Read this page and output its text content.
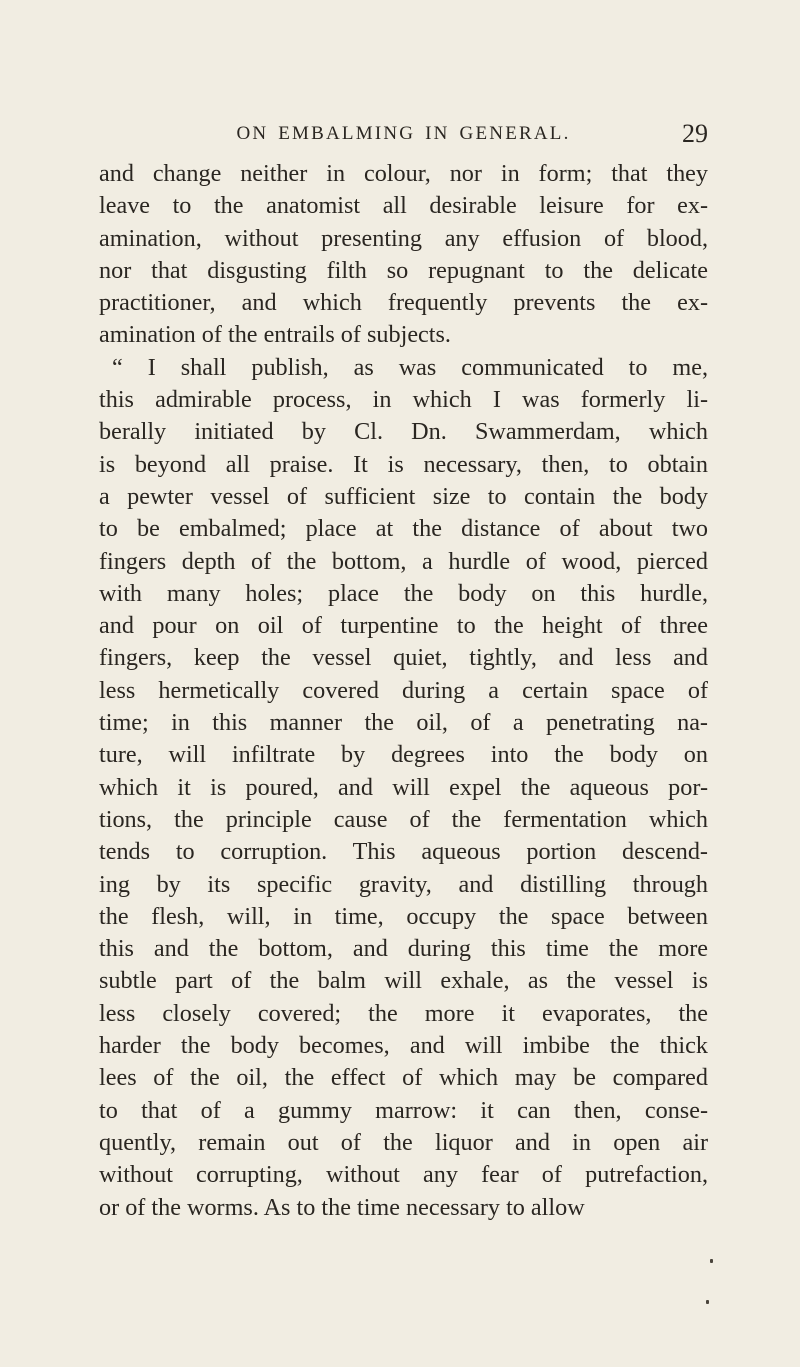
ON EMBALMING IN GENERAL.	29
and change neither in colour, nor in form; that they
leave to the anatomist all desirable leisure for ex-
amination, without presenting any effusion of blood,
nor that disgusting filth so repugnant to the delicate
practitioner, and which frequently prevents the ex-
amination of the entrails of subjects.
“ I shall publish, as was communicated to me,
this admirable process, in which I was formerly li-
berally initiated by Cl. Dn. Swammerdam, which
is beyond all praise. It is necessary, then, to obtain
a pewter vessel of sufficient size to contain the body
to be embalmed; place at the distance of about two
fingers depth of the bottom, a hurdle of wood, pierced
with many holes; place the body on this hurdle,
and pour on oil of turpentine to the height of three
fingers, keep the vessel quiet, tightly, and less and
less hermetically covered during a certain space of
time; in this manner the oil, of a penetrating na-
ture, will infiltrate by degrees into the body on
which it is poured, and will expel the aqueous por-
tions, the principle cause of the fermentation which
tends to corruption. This aqueous portion descend-
ing by its specific gravity, and distilling through
the flesh, will, in time, occupy the space between
this and the bottom, and during this time the more
subtle part of the balm will exhale, as the vessel is
less closely covered; the more it evaporates, the
harder the body becomes, and will imbibe the thick
lees of the oil, the effect of which may be compared
to that of a gummy marrow: it can then, conse-
quently, remain out of the liquor and in open air
without corrupting, without any fear of putrefaction,
or of the worms. As to the time necessary to allow
